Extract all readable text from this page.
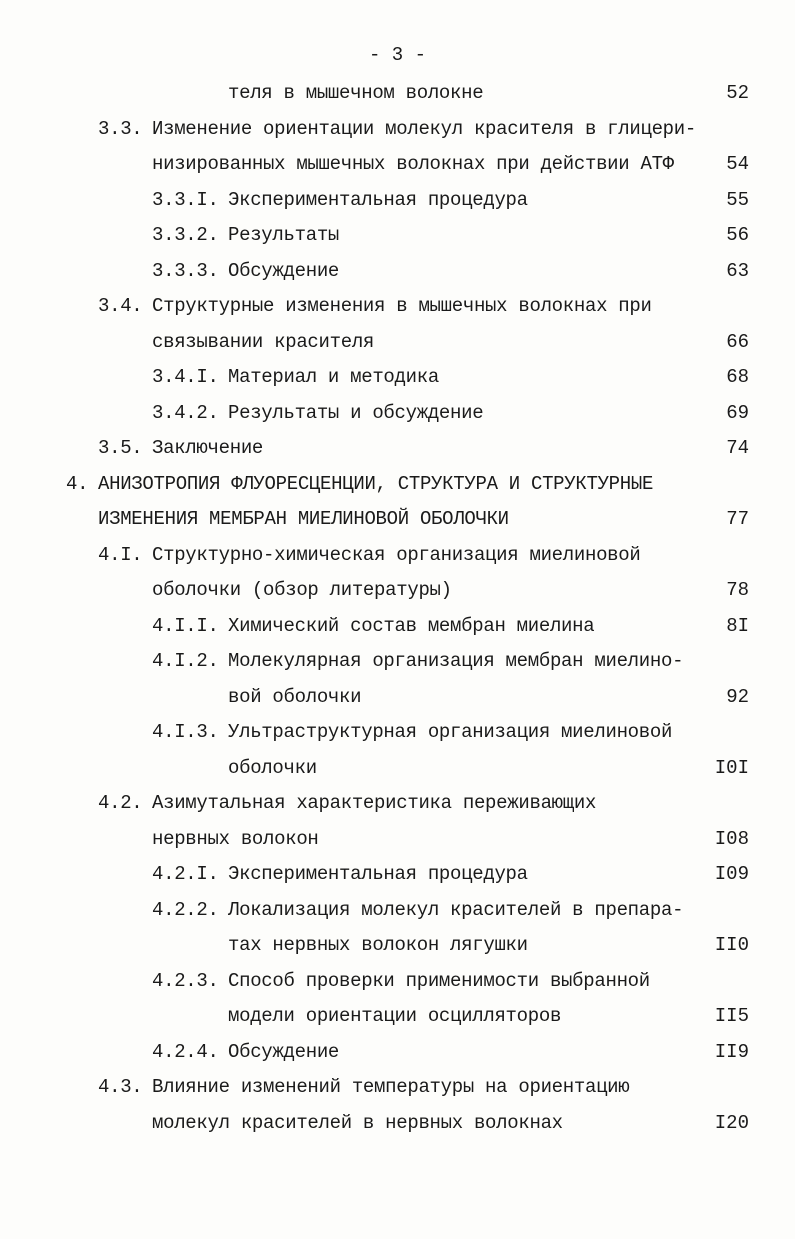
- 3 -
теля в мышечном волокне	52
3.3. Изменение ориентации молекул красителя в глицери-
низированных мышечных волокнах при действии АТФ	54
3.3.I. Экспериментальная процедура	55
3.3.2. Результаты	56
3.3.3. Обсуждение	63
3.4. Структурные изменения в мышечных волокнах при
связывании красителя	66
3.4.I. Материал и методика	68
3.4.2. Результаты и обсуждение	69
3.5. Заключение	74
4. АНИЗОТРОПИЯ ФЛУОРЕСЦЕНЦИИ, СТРУКТУРА И СТРУКТУРНЫЕ
ИЗМЕНЕНИЯ МЕМБРАН МИЕЛИНОВОЙ ОБОЛОЧКИ	77
4.I. Структурно-химическая организация миелиновой
оболочки (обзор литературы)	78
4.I.I. Химический состав мембран миелина	8I
4.I.2. Молекулярная организация мембран миелино-
вой оболочки	92
4.I.3. Ультраструктурная организация миелиновой
оболочки	I0I
4.2. Азимутальная характеристика переживающих
нервных волокон	I08
4.2.I. Экспериментальная процедура	I09
4.2.2. Локализация молекул красителей в препара-
тах нервных волокон лягушки	II0
4.2.3. Способ проверки применимости выбранной
модели ориентации осцилляторов	II5
4.2.4. Обсуждение	II9
4.3. Влияние изменений температуры на ориентацию
молекул красителей в нервных волокнах	I20
